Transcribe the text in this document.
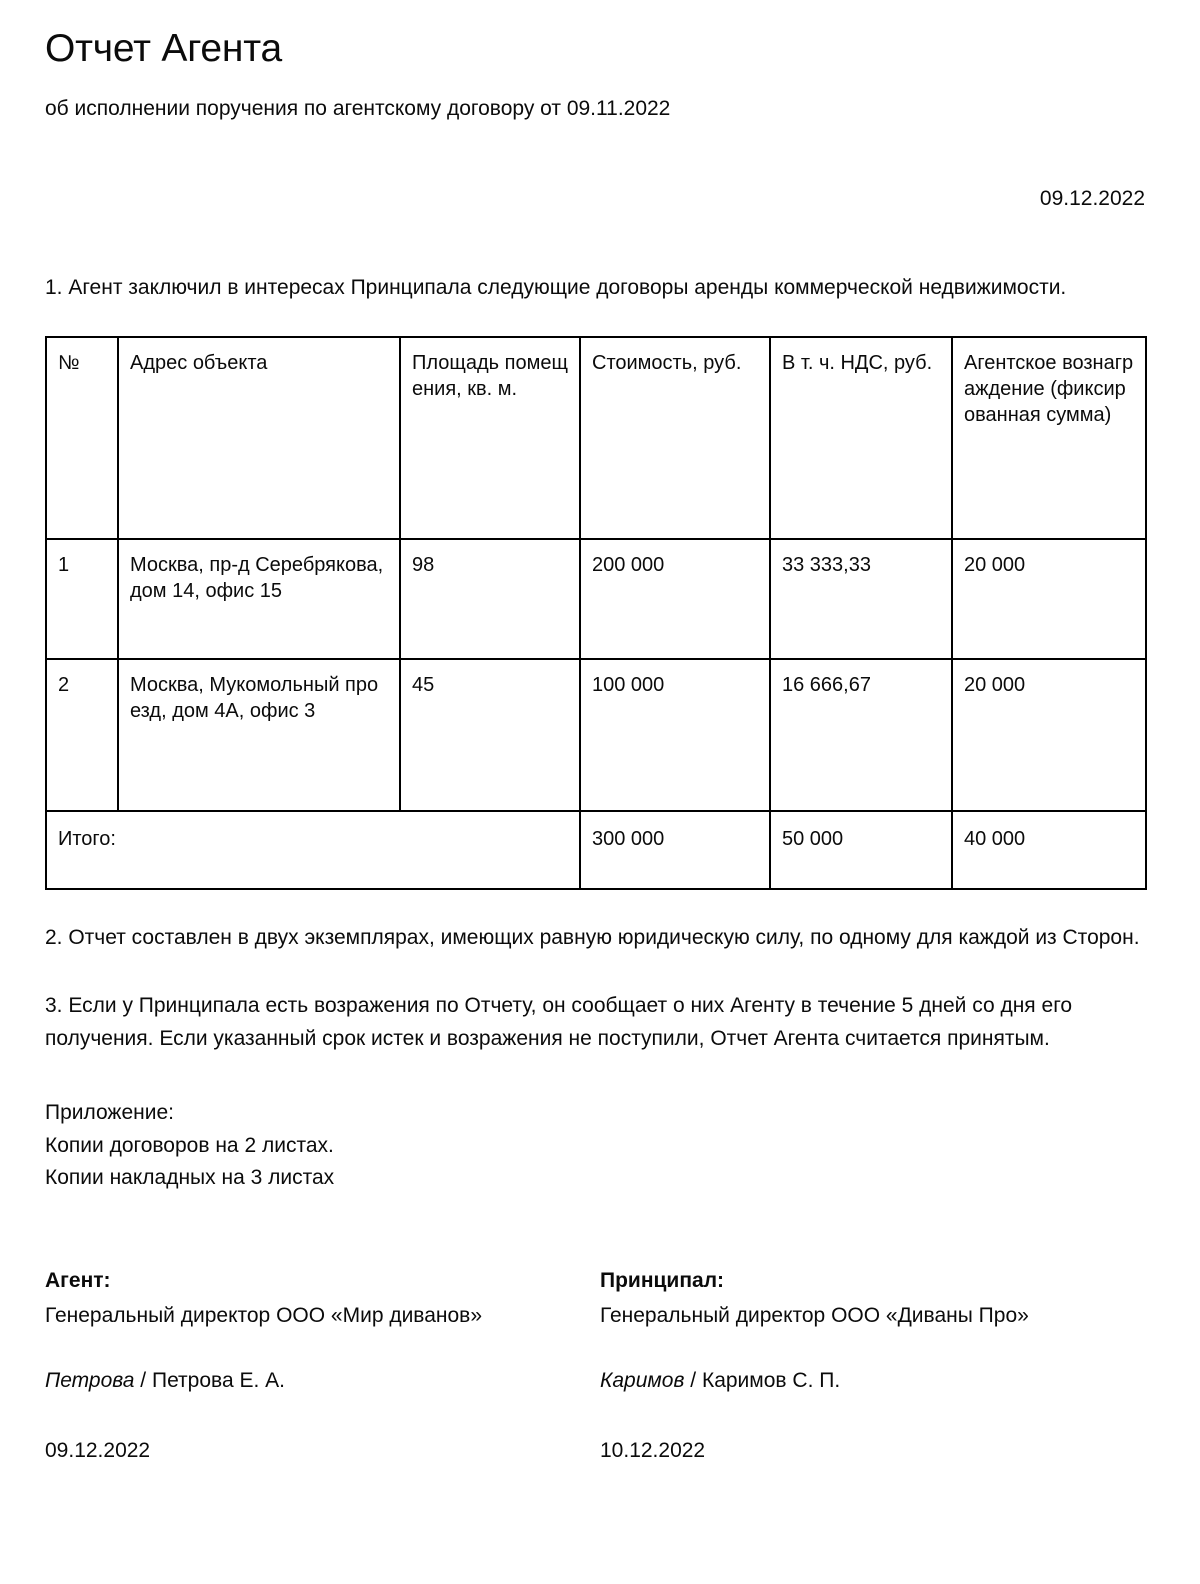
Отчет Агента

об исполнении поручения по агентскому договору от 09.11.2022

09.12.2022

1. Агент заключил в интересах Принципала следующие договоры аренды коммерческой недвижимости.

№	Адрес объекта	Площадь помещения, кв. м.	Стоимость, руб.	В т. ч. НДС, руб.	Агентское вознаграждение (фиксированная сумма)
1	Москва, пр-д Серебрякова, дом 14, офис 15	98	200 000	33 333,33	20 000
2	Москва, Мукомольный проезд, дом 4А, офис 3	45	100 000	16 666,67	20 000
Итого:			300 000	50 000	40 000

2. Отчет составлен в двух экземплярах, имеющих равную юридическую силу, по одному для каждой из Сторон.

3. Если у Принципала есть возражения по Отчету, он сообщает о них Агенту в течение 5 дней со дня его получения. Если указанный срок истек и возражения не поступили, Отчет Агента считается принятым.

Приложение:
Копии договоров на 2 листах.
Копии накладных на 3 листах

Агент:

Генеральный директор ООО «Мир диванов»

Петрова / Петрова Е. А.

09.12.2022

Принципал:

Генеральный директор ООО «Диваны Про»

Каримов / Каримов С. П.

10.12.2022
